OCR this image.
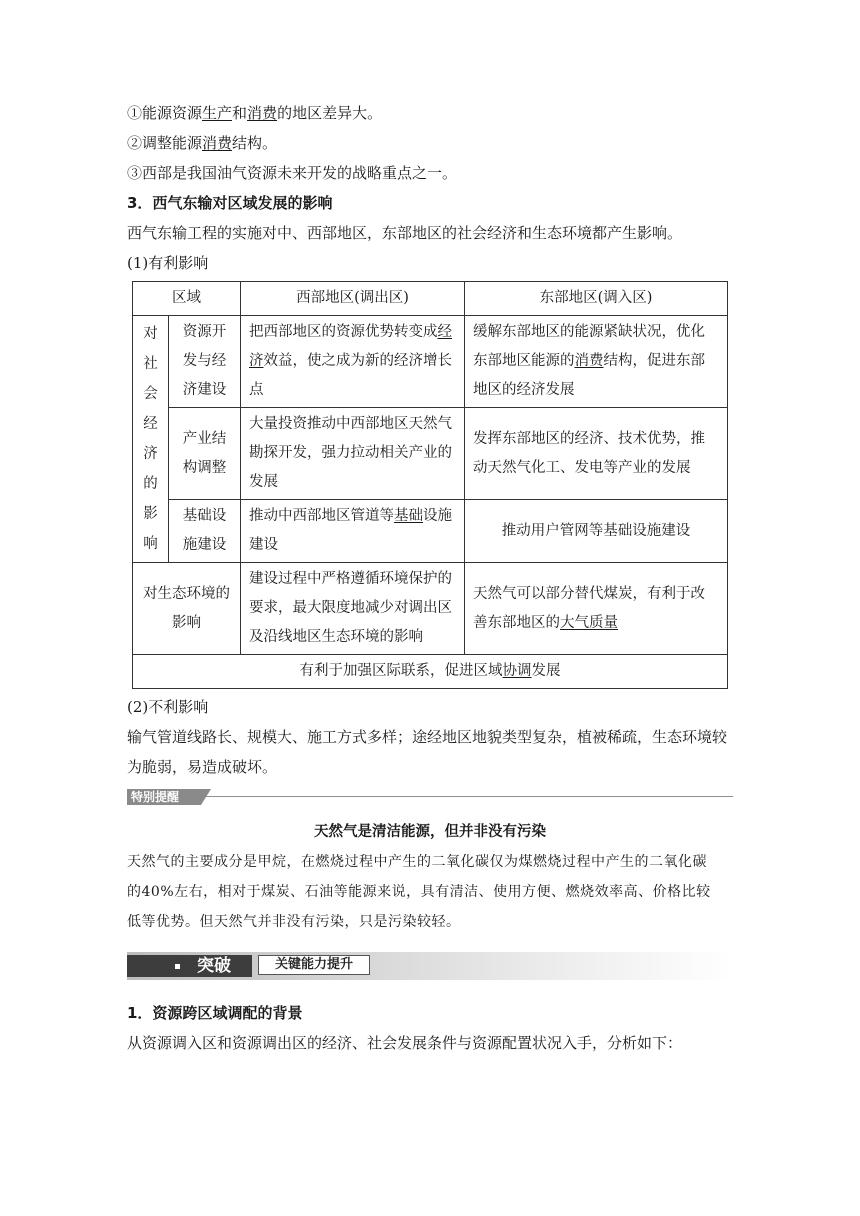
①能源资源生产和消费的地区差异大。
②调整能源消费结构。
③西部是我国油气资源未来开发的战略重点之一。
3．西气东输对区域发展的影响
西气东输工程的实施对中、西部地区，东部地区的社会经济和生态环境都产生影响。
(1)有利影响
区域		西部地区(调出区)	东部地区(调入区)

对社会经济的影响	资源开发与经济建设	把西部地区的资源优势转变成经济效益，使之成为新的经济增长点	缓解东部地区的能源紧缺状况，优化东部地区能源的消费结构，促进东部地区的经济发展
	产业结构调整	大量投资推动中西部地区天然气勘探开发，强力拉动相关产业的发展	发挥东部地区的经济、技术优势，推动天然气化工、发电等产业的发展
	基础设施建设	推动中西部地区管道等基础设施建设	推动用户管网等基础设施建设
对生态环境的影响		建设过程中严格遵循环境保护的要求，最大限度地减少对调出区及沿线地区生态环境的影响	天然气可以部分替代煤炭，有利于改善东部地区的大气质量
有利于加强区际联系，促进区域协调发展			
(2)不利影响
输气管道线路长、规模大、施工方式多样；途经地区地貌类型复杂，植被稀疏，生态环境较
为脆弱，易造成破坏。
特别提醒
天然气是清洁能源，但并非没有污染
天然气的主要成分是甲烷，在燃烧过程中产生的二氧化碳仅为煤燃烧过程中产生的二氧化碳
的40%左右，相对于煤炭、石油等能源来说，具有清洁、使用方便、燃烧效率高、价格比较
低等优势。但天然气并非没有污染，只是污染较轻。
突破	关键能力提升
1．资源跨区域调配的背景
从资源调入区和资源调出区的经济、社会发展条件与资源配置状况入手，分析如下：
